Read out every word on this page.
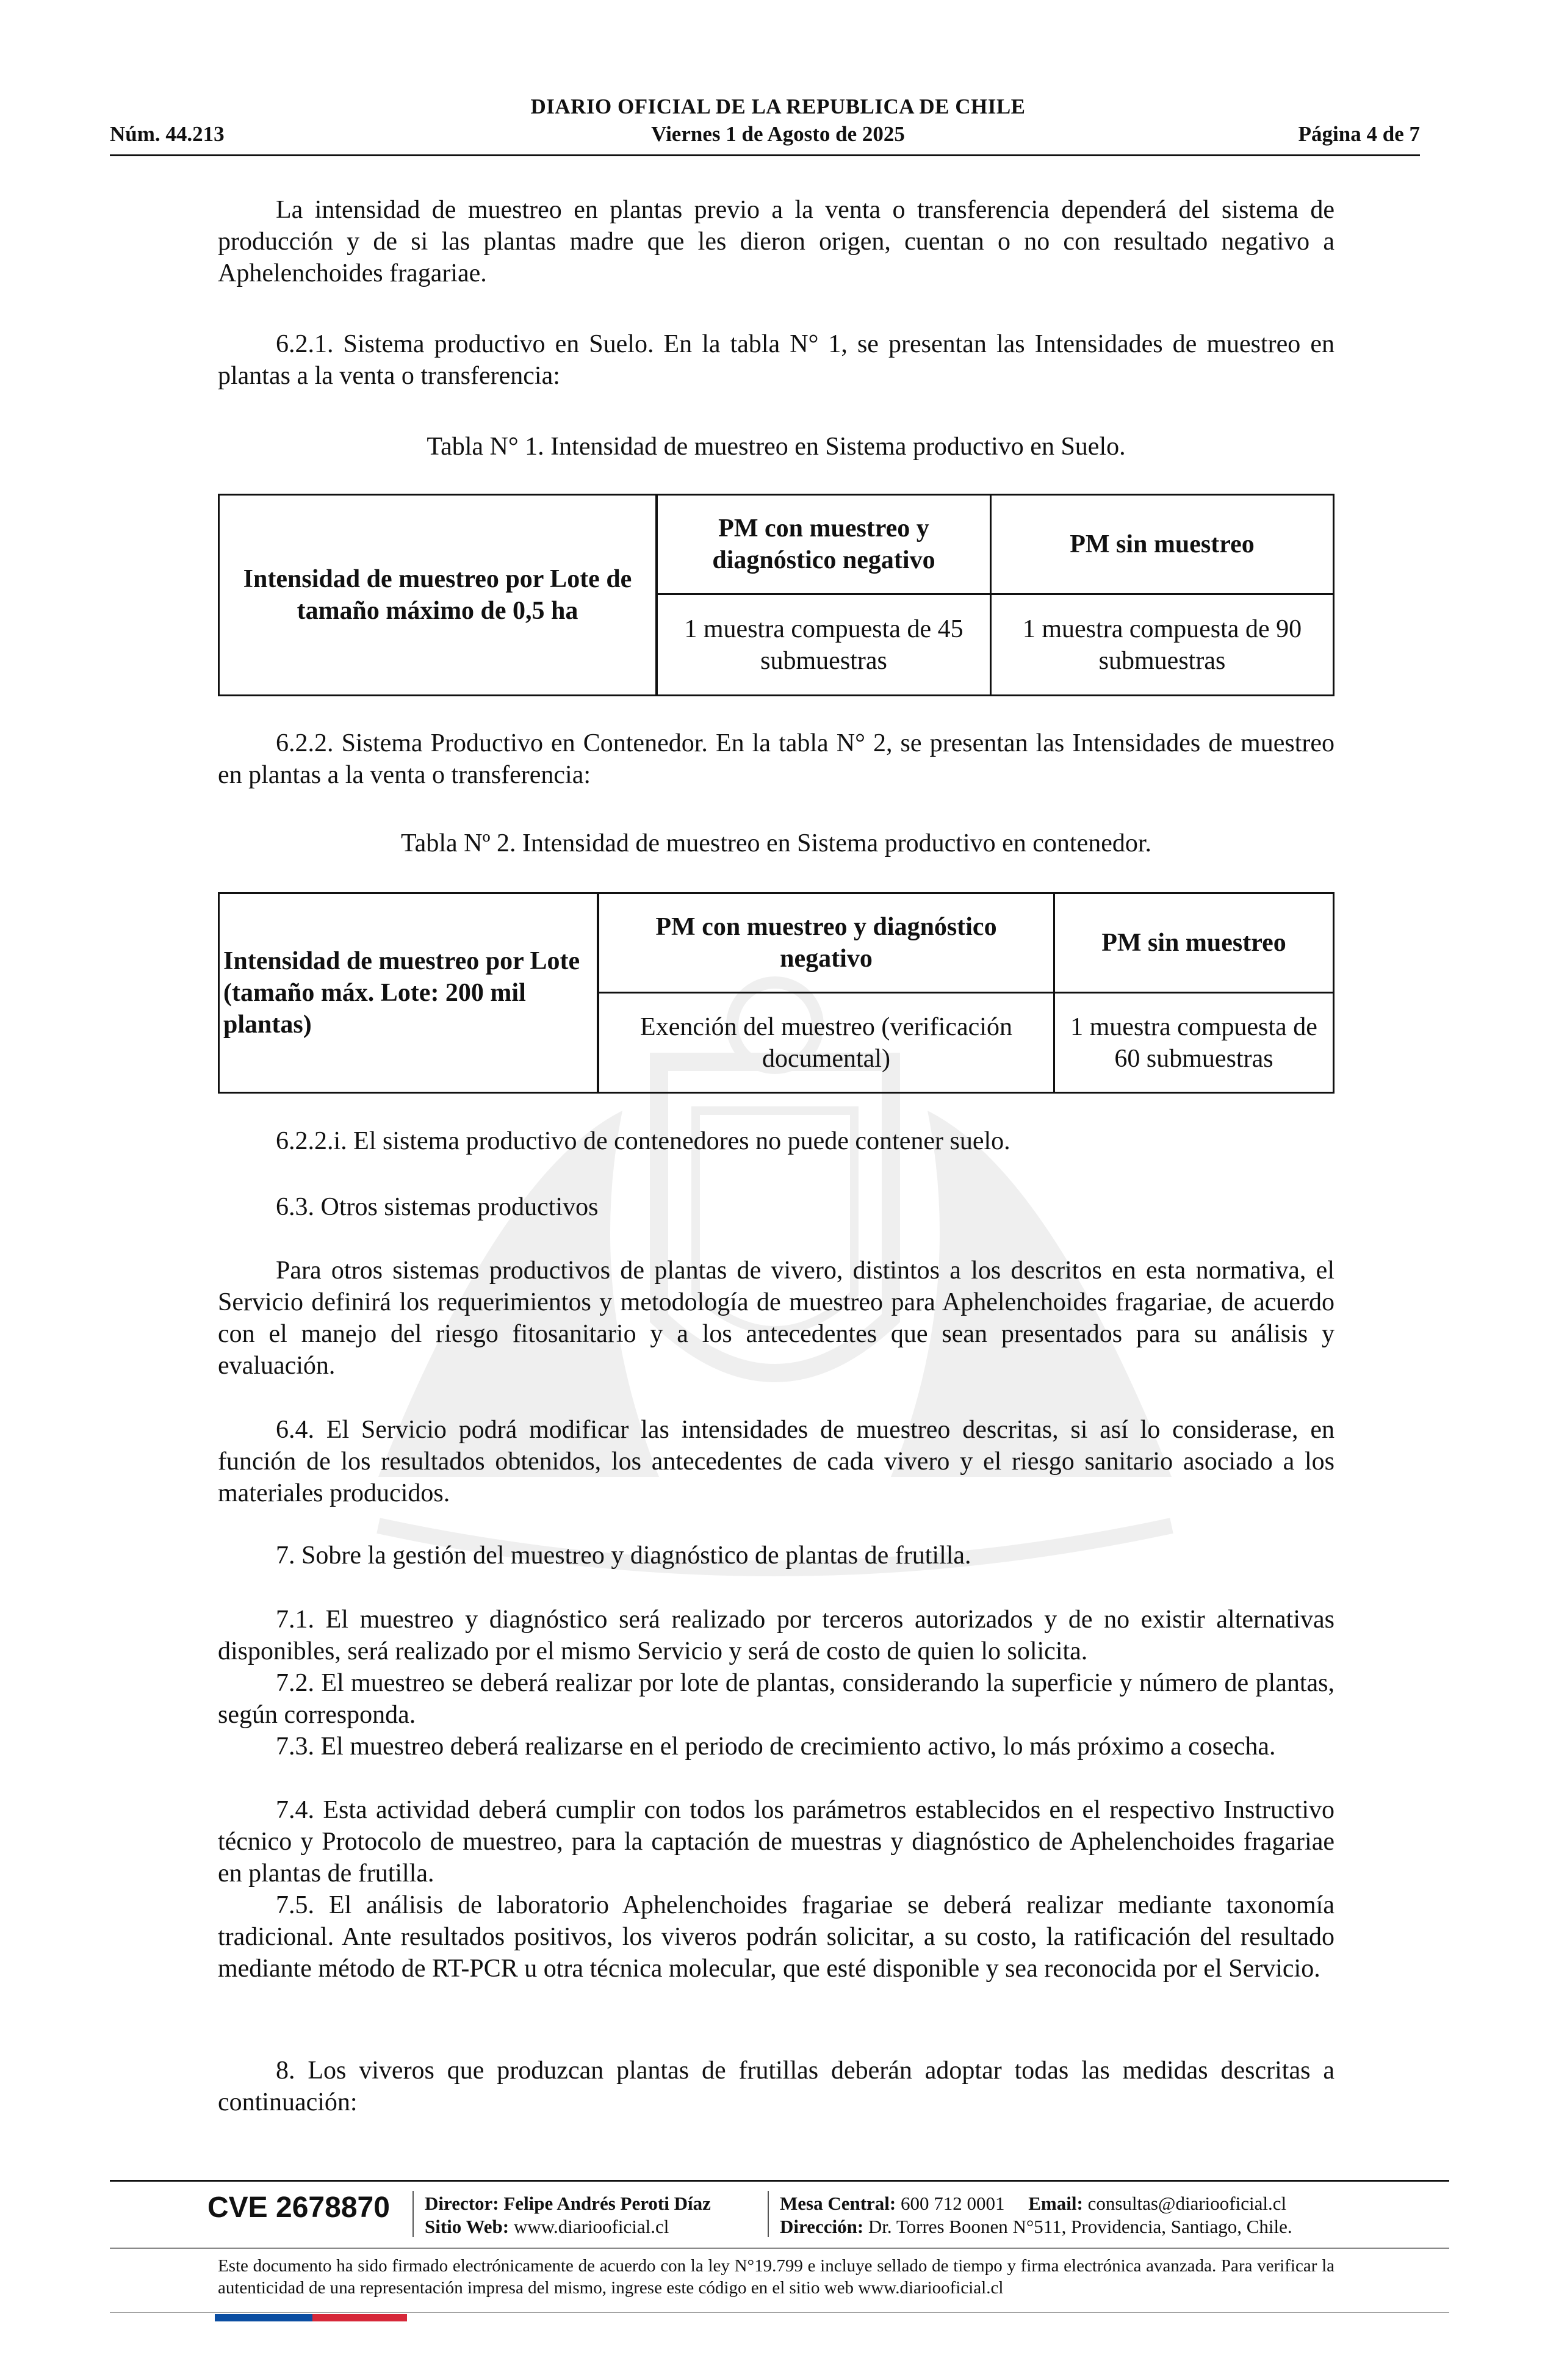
DIARIO OFICIAL DE LA REPUBLICA DE CHILE
Núm. 44.213	Viernes 1 de Agosto de 2025	Página 4 de 7
La intensidad de muestreo en plantas previo a la venta o transferencia dependerá del sistema de producción y de si las plantas madre que les dieron origen, cuentan o no con resultado negativo a Aphelenchoides fragariae.
6.2.1. Sistema productivo en Suelo. En la tabla N° 1, se presentan las Intensidades de muestreo en plantas a la venta o transferencia:
Tabla N° 1. Intensidad de muestreo en Sistema productivo en Suelo.
Intensidad de muestreo por Lote de tamaño máximo de 0,5 ha	PM con muestreo y diagnóstico negativo	PM sin muestreo
	1 muestra compuesta de 45 submuestras	1 muestra compuesta de 90 submuestras
6.2.2. Sistema Productivo en Contenedor. En la tabla N° 2, se presentan las Intensidades de muestreo en plantas a la venta o transferencia:
Tabla Nº 2. Intensidad de muestreo en Sistema productivo en contenedor.
Intensidad de muestreo por Lote (tamaño máx. Lote: 200 mil plantas)	PM con muestreo y diagnóstico negativo	PM sin muestreo
	Exención del muestreo (verificación documental)	1 muestra compuesta de 60 submuestras
6.2.2.i. El sistema productivo de contenedores no puede contener suelo.
6.3. Otros sistemas productivos
Para otros sistemas productivos de plantas de vivero, distintos a los descritos en esta normativa, el Servicio definirá los requerimientos y metodología de muestreo para Aphelenchoides fragariae, de acuerdo con el manejo del riesgo fitosanitario y a los antecedentes que sean presentados para su análisis y evaluación.
6.4. El Servicio podrá modificar las intensidades de muestreo descritas, si así lo considerase, en función de los resultados obtenidos, los antecedentes de cada vivero y el riesgo sanitario asociado a los materiales producidos.
7. Sobre la gestión del muestreo y diagnóstico de plantas de frutilla.
7.1. El muestreo y diagnóstico será realizado por terceros autorizados y de no existir alternativas disponibles, será realizado por el mismo Servicio y será de costo de quien lo solicita.
7.2. El muestreo se deberá realizar por lote de plantas, considerando la superficie y número de plantas, según corresponda.
7.3. El muestreo deberá realizarse en el periodo de crecimiento activo, lo más próximo a cosecha.
7.4. Esta actividad deberá cumplir con todos los parámetros establecidos en el respectivo Instructivo técnico y Protocolo de muestreo, para la captación de muestras y diagnóstico de Aphelenchoides fragariae en plantas de frutilla.
7.5. El análisis de laboratorio Aphelenchoides fragariae se deberá realizar mediante taxonomía tradicional. Ante resultados positivos, los viveros podrán solicitar, a su costo, la ratificación del resultado mediante método de RT-PCR u otra técnica molecular, que esté disponible y sea reconocida por el Servicio.
8. Los viveros que produzcan plantas de frutillas deberán adoptar todas las medidas descritas a continuación:
CVE 2678870 Director: Felipe Andrés Peroti Díaz
Sitio Web: www.diariooficial.cl
Mesa Central: 600 712 0001 Email: consultas@diariooficial.cl
Dirección: Dr. Torres Boonen N°511, Providencia, Santiago, Chile.
Este documento ha sido firmado electrónicamente de acuerdo con la ley N°19.799 e incluye sellado de tiempo y firma electrónica avanzada. Para verificar la autenticidad de una representación impresa del mismo, ingrese este código en el sitio web www.diariooficial.cl
